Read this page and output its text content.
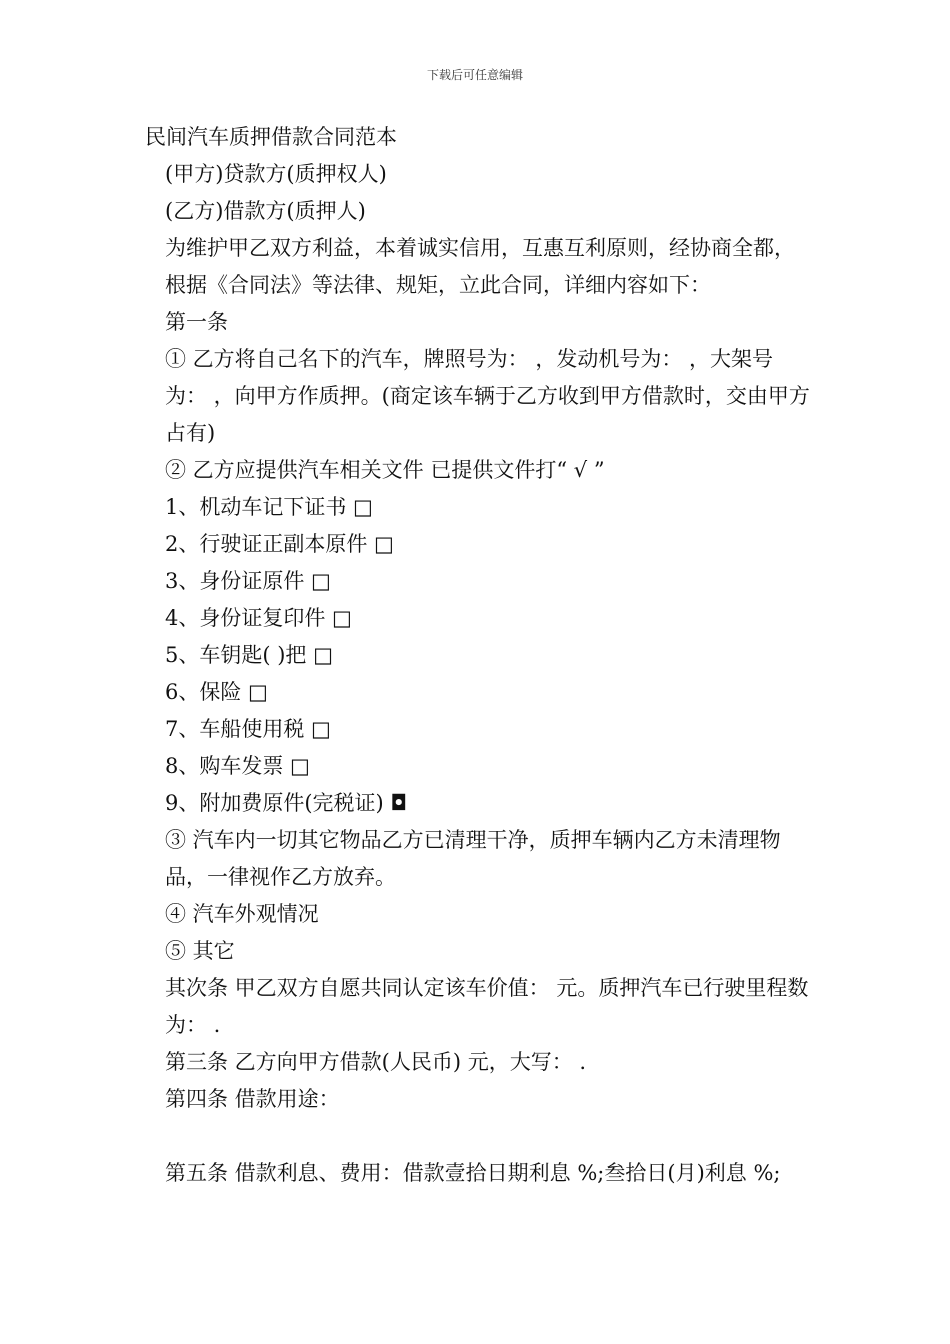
下载后可任意编辑

民间汽车质押借款合同范本

(甲方)贷款方(质押权人)

(乙方)借款方(质押人)

为维护甲乙双方利益，本着诚实信用，互惠互利原则，经协商全都，根据《合同法》等法律、规矩，立此合同，详细内容如下：

第一条

① 乙方将自己名下的汽车，牌照号为： ，发动机号为： ，大架号为： ，向甲方作质押。(商定该车辆于乙方收到甲方借款时，交由甲方占有)

② 乙方应提供汽车相关文件 已提供文件打“ √ ”

1、机动车记下证书 □

2、行驶证正副本原件 □

3、身份证原件 □

4、身份证复印件 □

5、车钥匙( )把 □

6、保险 □

7、车船使用税 □

8、购车发票 □

9、附加费原件(完税证) ◘

③ 汽车内一切其它物品乙方已清理干净，质押车辆内乙方未清理物品，一律视作乙方放弃。

④ 汽车外观情况

⑤ 其它

其次条 甲乙双方自愿共同认定该车价值： 元。质押汽车已行驶里程数为： .

第三条 乙方向甲方借款(人民币) 元，大写： .

第四条 借款用途：

第五条 借款利息、费用：借款壹拾日期利息 %;叁拾日(月)利息 %;
